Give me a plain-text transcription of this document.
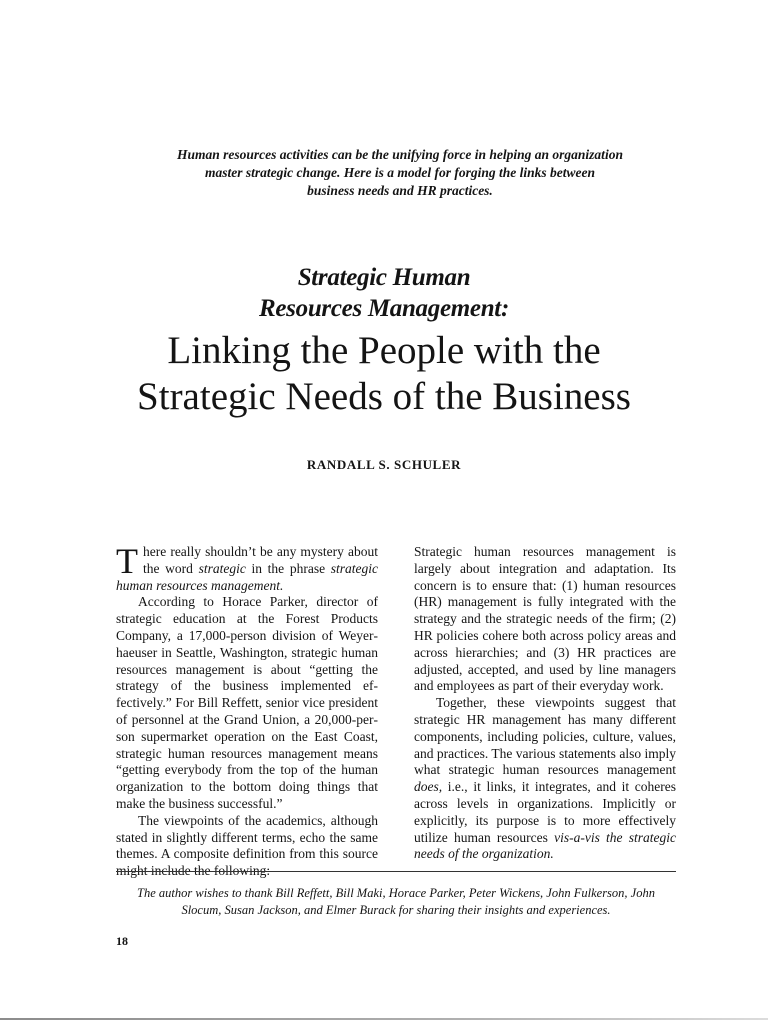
Human resources activities can be the unifying force in helping an organization
master strategic change. Here is a model for forging the links between
business needs and HR practices.
Strategic Human
Resources Management:
Linking the People with the
Strategic Needs of the Business
RANDALL S. SCHULER

There really shouldn’t be any mystery about the word strategic in the phrase strategic human resources management.

According to Horace Parker, director of strategic education at the Forest Products Company, a 17,000-person division of Weyerhaeuser in Seattle, Washington, strategic human resources management is about “getting the strategy of the business implemented effectively.” For Bill Reffett, senior vice president of personnel at the Grand Union, a 20,000-person supermarket operation on the East Coast, strategic human resources management means “getting everybody from the top of the human organization to the bottom doing things that make the business successful.”

The viewpoints of the academics, although stated in slightly different terms, echo the same themes. A composite definition from this source might include the following:

Strategic human resources management is largely about integration and adaptation. Its concern is to ensure that: (1) human resources (HR) management is fully integrated with the strategy and the strategic needs of the firm; (2) HR policies cohere both across policy areas and across hierarchies; and (3) HR practices are adjusted, accepted, and used by line managers and employees as part of their everyday work.

Together, these viewpoints suggest that strategic HR management has many different components, including policies, culture, values, and practices. The various statements also imply what strategic human resources management does, i.e., it links, it integrates, and it coheres across levels in organizations. Implicitly or explicitly, its purpose is to more effectively utilize human resources vis-a-vis the strategic needs of the organization.

The author wishes to thank Bill Reffett, Bill Maki, Horace Parker, Peter Wickens, John Fulkerson, John
Slocum, Susan Jackson, and Elmer Burack for sharing their insights and experiences.
18
